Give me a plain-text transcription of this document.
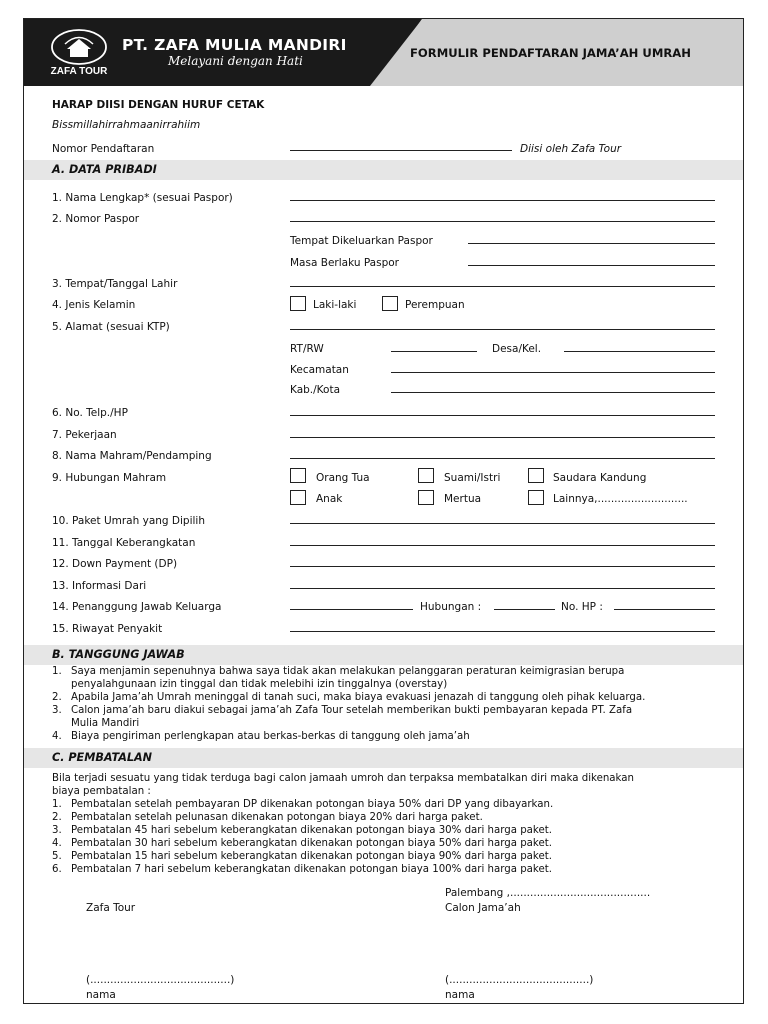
ZAFA TOUR
PT. ZAFA MULIA MANDIRI
Melayani dengan Hati
FORMULIR PENDAFTARAN JAMA’AH UMRAH
HARAP DIISI DENGAN HURUF CETAK
Bissmillahirrahmaanirrahiim
Nomor Pendaftaran	Diisi oleh Zafa Tour
A. DATA PRIBADI
1. Nama Lengkap* (sesuai Paspor)
2. Nomor Paspor
Tempat Dikeluarkan Paspor
Masa Berlaku Paspor
3. Tempat/Tanggal Lahir
4. Jenis Kelamin	Laki-laki	Perempuan
5. Alamat (sesuai KTP)
RT/RW	Desa/Kel.
Kecamatan
Kab./Kota
6. No. Telp./HP
7. Pekerjaan
8. Nama Mahram/Pendamping
9. Hubungan Mahram	Orang Tua	Suami/Istri	Saudara Kandung
Anak	Mertua	Lainnya,...........................
10. Paket Umrah yang Dipilih
11. Tanggal Keberangkatan
12. Down Payment (DP)
13. Informasi Dari
14. Penanggung Jawab Keluarga	Hubungan :	No. HP :
15. Riwayat Penyakit
B. TANGGUNG JAWAB
1. Saya menjamin sepenuhnya bahwa saya tidak akan melakukan pelanggaran peraturan keimigrasian berupa
penyalahgunaan izin tinggal dan tidak melebihi izin tinggalnya (overstay)
2. Apabila Jama’ah Umrah meninggal di tanah suci, maka biaya evakuasi jenazah di tanggung oleh pihak keluarga.
3. Calon jama’ah baru diakui sebagai jama’ah Zafa Tour setelah memberikan bukti pembayaran kepada PT. Zafa
Mulia Mandiri
4. Biaya pengiriman perlengkapan atau berkas-berkas di tanggung oleh jama’ah
C. PEMBATALAN
Bila terjadi sesuatu yang tidak terduga bagi calon jamaah umroh dan terpaksa membatalkan diri maka dikenakan
biaya pembatalan :
1. Pembatalan setelah pembayaran DP dikenakan potongan biaya 50% dari DP yang dibayarkan.
2. Pembatalan setelah pelunasan dikenakan potongan biaya 20% dari harga paket.
3. Pembatalan 45 hari sebelum keberangkatan dikenakan potongan biaya 30% dari harga paket.
4. Pembatalan 30 hari sebelum keberangkatan dikenakan potongan biaya 50% dari harga paket.
5. Pembatalan 15 hari sebelum keberangkatan dikenakan potongan biaya 90% dari harga paket.
6. Pembatalan 7 hari sebelum keberangkatan dikenakan potongan biaya 100% dari harga paket.
Palembang ,..........................................
Zafa Tour	Calon Jama’ah
(..........................................)	(..........................................)
nama	nama
